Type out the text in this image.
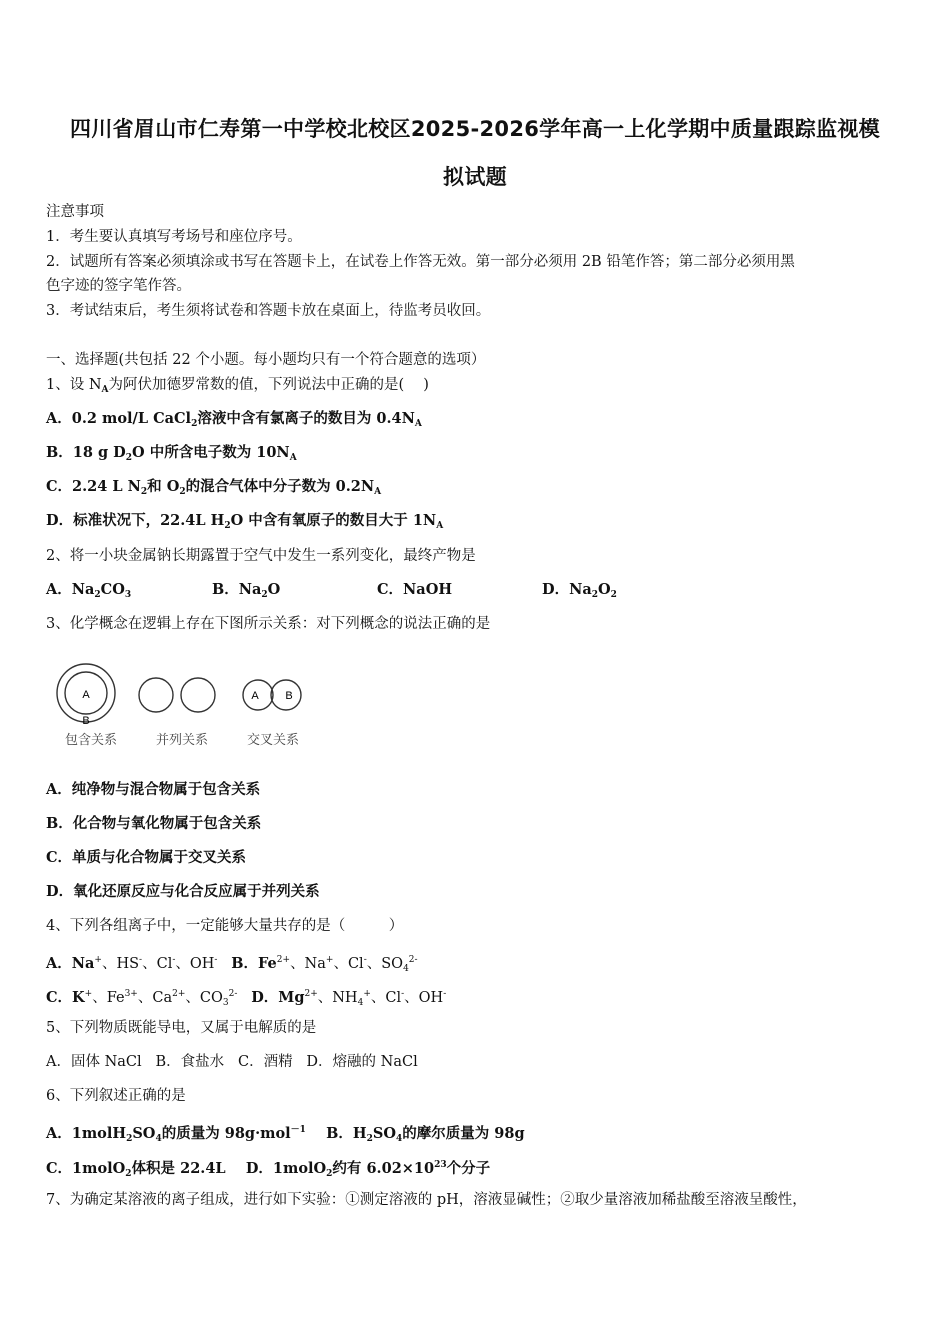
四川省眉山市仁寿第一中学校北校区2025-2026学年高一上化学期中质量跟踪监视模
拟试题
注意事项
1．考生要认真填写考场号和座位序号。
2．试题所有答案必须填涂或书写在答题卡上，在试卷上作答无效。第一部分必须用 2B 铅笔作答；第二部分必须用黑
色字迹的签字笔作答。
3．考试结束后，考生须将试卷和答题卡放在桌面上，待监考员收回。
一、选择题(共包括 22 个小题。每小题均只有一个符合题意的选项）
1、设 $N_A$为阿伏加德罗常数的值，下列说法中正确的是(　 )
A．0.2 mol/L CaCl$_2$溶液中含有氯离子的数目为 $0.4N_A$
B．18 g $D_2O$ 中所含电子数为 $10N_A$
C．2.24 L $N_2$和 $O_2$的混合气体中分子数为 $0.2N_A$
D．标准状况下，22.4L $H_2O$ 中含有氧原子的数目大于 $1N_A$
2、将一小块金属钠长期露置于空气中发生一系列变化，最终产物是
A．$Na_2CO_3$	B．$Na_2O$	C．NaOH	D．$Na_2O_2$
3、化学概念在逻辑上存在下图所示关系：对下列概念的说法正确的是
A
B
包含关系	并列关系
A B
交叉关系
A．纯净物与混合物属于包含关系
B．化合物与氧化物属于包含关系
C．单质与化合物属于交叉关系
D．氧化还原反应与化合反应属于并列关系
4、下列各组离子中，一定能够大量共存的是（　　　）
A．Na+、HS-、Cl-、OH- B．$Fe^{2+}$、Na+、Cl-、$SO_4^{2-}$
C．K+、$Fe^{3+}$、$Ca^{2+}$、$CO_3^{2-}$ D．$Mg^{2+}$、$NH_4^+$、Cl-、OH-
5、下列物质既能导电，又属于电解质的是
A．固体 NaCl B．食盐水 C．酒精 D．熔融的 NaCl
6、下列叙述正确的是
A．$1molH_2SO_4$的质量为 98g·mol$^{-1}$ B．$H_2SO_4$的摩尔质量为 98g
C．1molO$_2$体积是 22.4L D．1molO$_2$约有 $6.02\times 10^{23}$个分子
7、为确定某溶液的离子组成，进行如下实验：①测定溶液的 pH，溶液显碱性；②取少量溶液加稀盐酸至溶液呈酸性，
